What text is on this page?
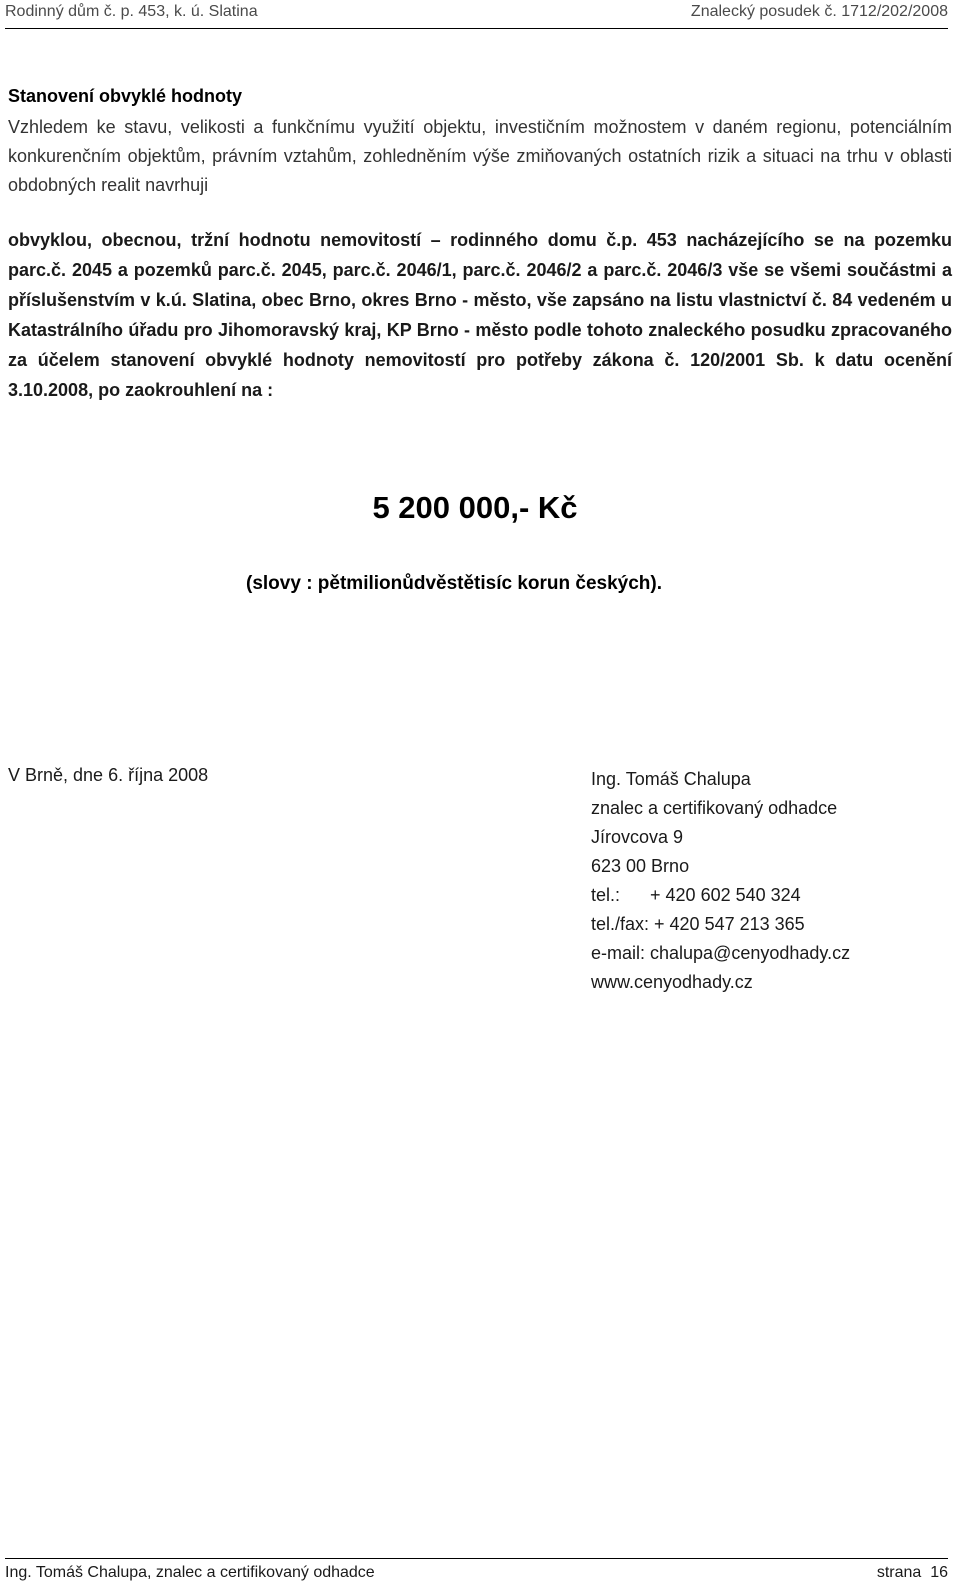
Rodinný dům č. p. 453, k. ú. Slatina	Znalecký posudek č. 1712/202/2008
Stanovení obvyklé hodnoty
Vzhledem ke stavu, velikosti a funkčnímu využití objektu, investičním možnostem v daném regionu, potenciálním konkurenčním objektům, právním vztahům, zohledněním výše zmiňovaných ostatních rizik a situaci na trhu v oblasti obdobných realit navrhuji
obvyklou, obecnou, tržní hodnotu nemovitostí – rodinného domu č.p. 453 nacházejícího se na pozemku parc.č. 2045 a pozemků parc.č. 2045, parc.č. 2046/1, parc.č. 2046/2 a parc.č. 2046/3 vše se všemi součástmi a příslušenstvím v k.ú. Slatina, obec Brno, okres Brno - město, vše zapsáno na listu vlastnictví č. 84 vedeném u Katastrálního úřadu pro Jihomoravský kraj, KP Brno - město podle tohoto znaleckého posudku zpracovaného za účelem stanovení obvyklé hodnoty nemovitostí pro potřeby zákona č. 120/2001 Sb. k datu ocenění 3.10.2008, po zaokrouhlení na :
5 200 000,- Kč
(slovy : pětmilionůdvěstětisíc korun českých).
V Brně, dne 6. října 2008	Ing. Tomáš Chalupa
znalec a certifikovaný odhadce
Jírovcova 9
623 00 Brno
tel.:      + 420 602 540 324
tel./fax: + 420 547 213 365
e-mail: chalupa@cenyodhady.cz
www.cenyodhady.cz
Ing. Tomáš Chalupa, znalec a certifikovaný odhadce	strana  16
